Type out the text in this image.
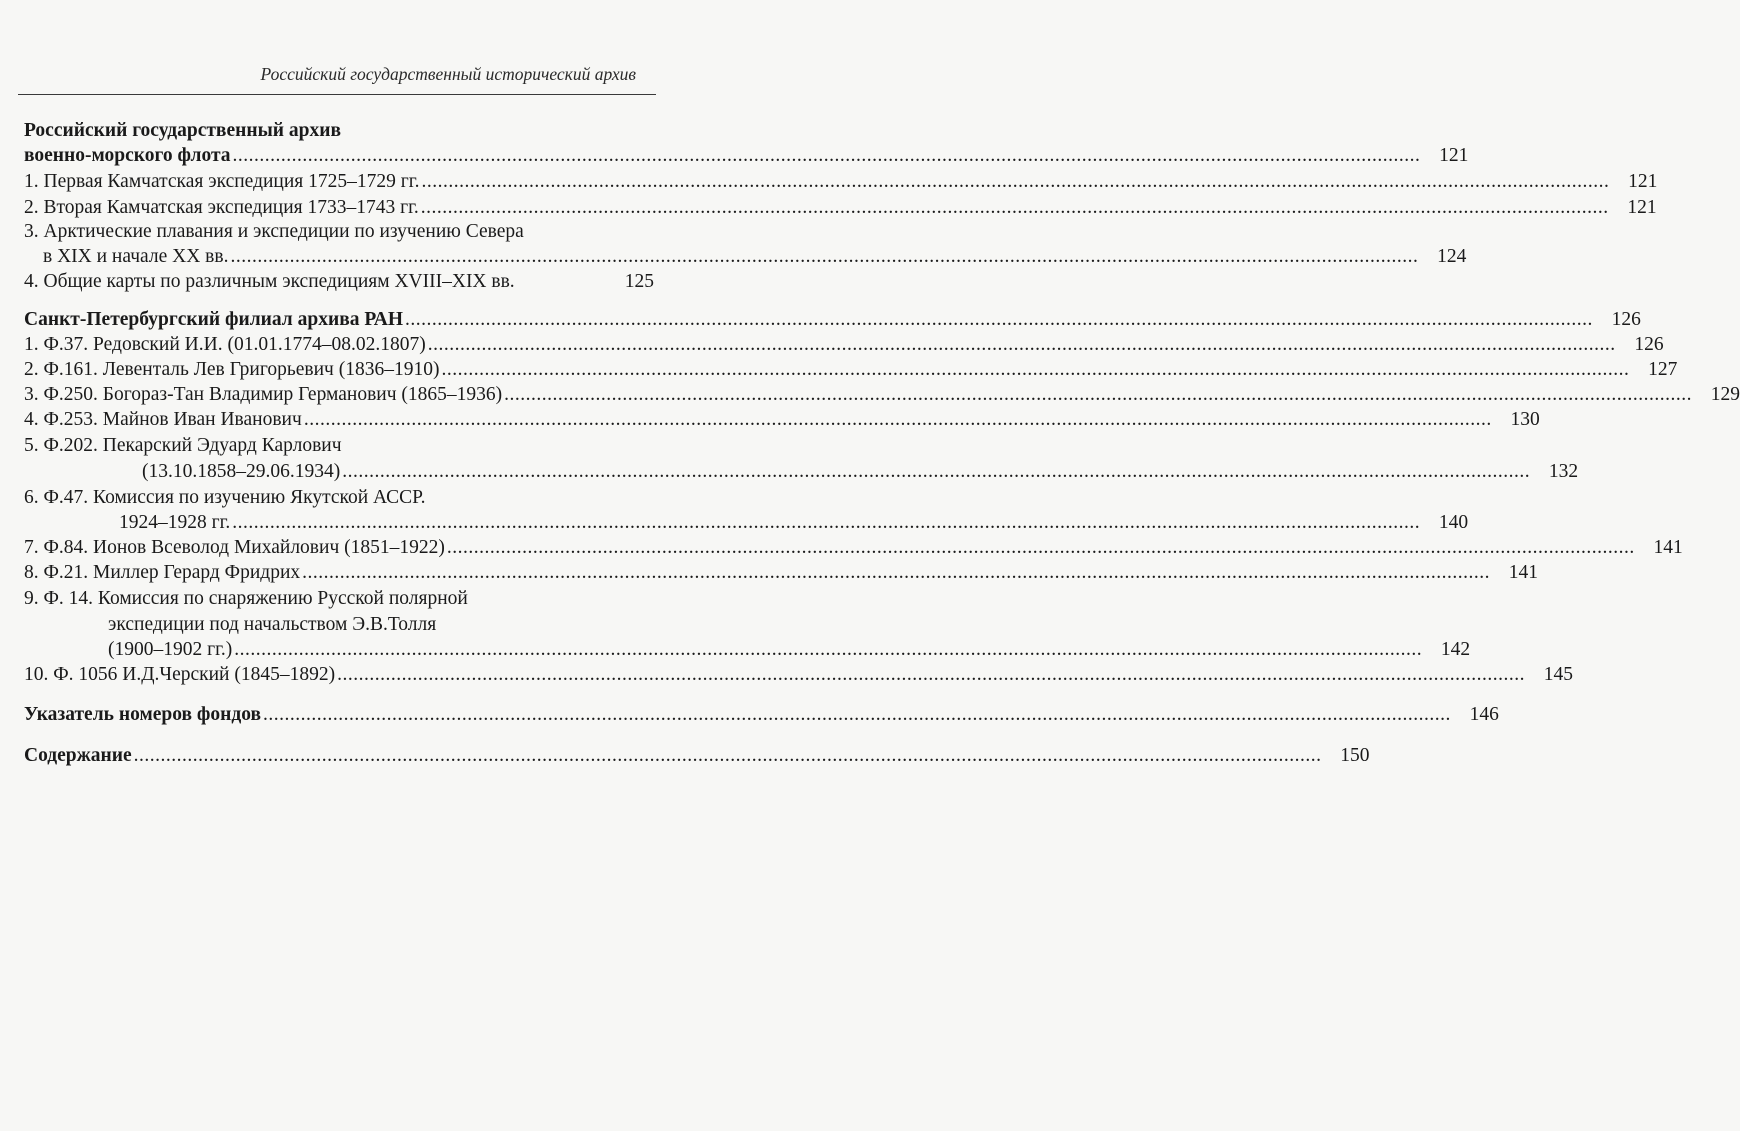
Российский государственный исторический архив
Российский государственный архив
военно-морского флота .....	121
1. Первая Камчатская экспедиция 1725–1729 гг. .....	121
2. Вторая Камчатская экспедиция 1733–1743 гг. .....	121
3. Арктические плавания и экспедиции по изучению Севера
в XIX и начале XX вв. .....	124
4. Общие карты по различным экспедициям XVIII–XIX вв.	125
Санкт-Петербургский филиал архива РАН .....	126
1. Ф.37. Редовский И.И. (01.01.1774–08.02.1807) .....	126
2. Ф.161. Левенталь Лев Григорьевич (1836–1910) .....	127
3. Ф.250. Богораз-Тан Владимир Германович (1865–1936) .....	129
4. Ф.253. Майнов Иван Иванович .....	130
5. Ф.202. Пекарский Эдуард Карлович
(13.10.1858–29.06.1934) .....	132
6. Ф.47. Комиссия по изучению Якутской АССР.
1924–1928 гг. .....	140
7. Ф.84. Ионов Всеволод Михайлович (1851–1922) .....	141
8. Ф.21. Миллер Герард Фридрих .....	141
9. Ф. 14. Комиссия по снаряжению Русской полярной
экспедиции под начальством Э.В.Толля
(1900–1902 гг.) .....	142
10. Ф. 1056 И.Д.Черский (1845–1892) .....	145
Указатель номеров фондов .....	146
Содержание .....	150
